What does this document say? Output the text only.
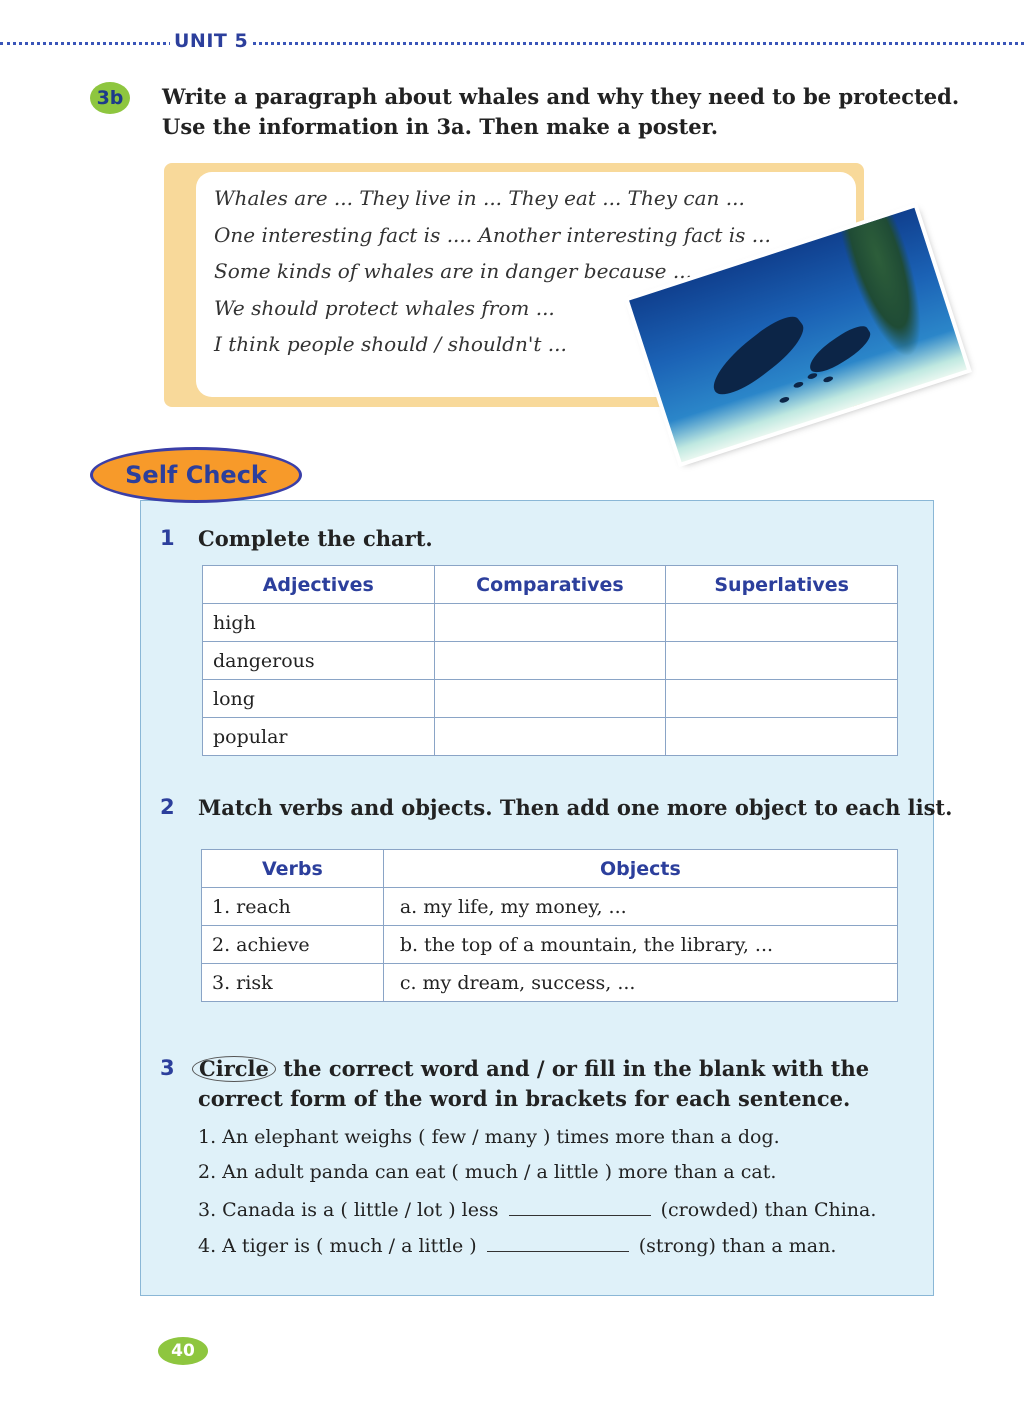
UNIT 5
3b	Write a paragraph about whales and why they need to be protected.
Use the information in 3a. Then make a poster.
Whales are ... They live in ... They eat ... They can ...
One interesting fact is .... Another interesting fact is ...
Some kinds of whales are in danger because ...
We should protect whales from ...
I think people should / shouldn't ...
Self Check
1 Complete the chart.
Adjectives	Comparatives	Superlatives
high		
dangerous		
long		
popular		
2 Match verbs and objects. Then add one more object to each list.
Verbs	Objects
1. reach	a. my life, my money, ...
2. achieve	b. the top of a mountain, the library, ...
3. risk	c. my dream, success, ...
3	Circle the correct word and / or fill in the blank with the
correct form of the word in brackets for each sentence.
1. An elephant weighs ( few / many ) times more than a dog.
2. An adult panda can eat ( much / a little ) more than a cat.
3. Canada is a ( little / lot ) less	(crowded) than China.
4. A tiger is ( much / a little )	(strong) than a man.
40
